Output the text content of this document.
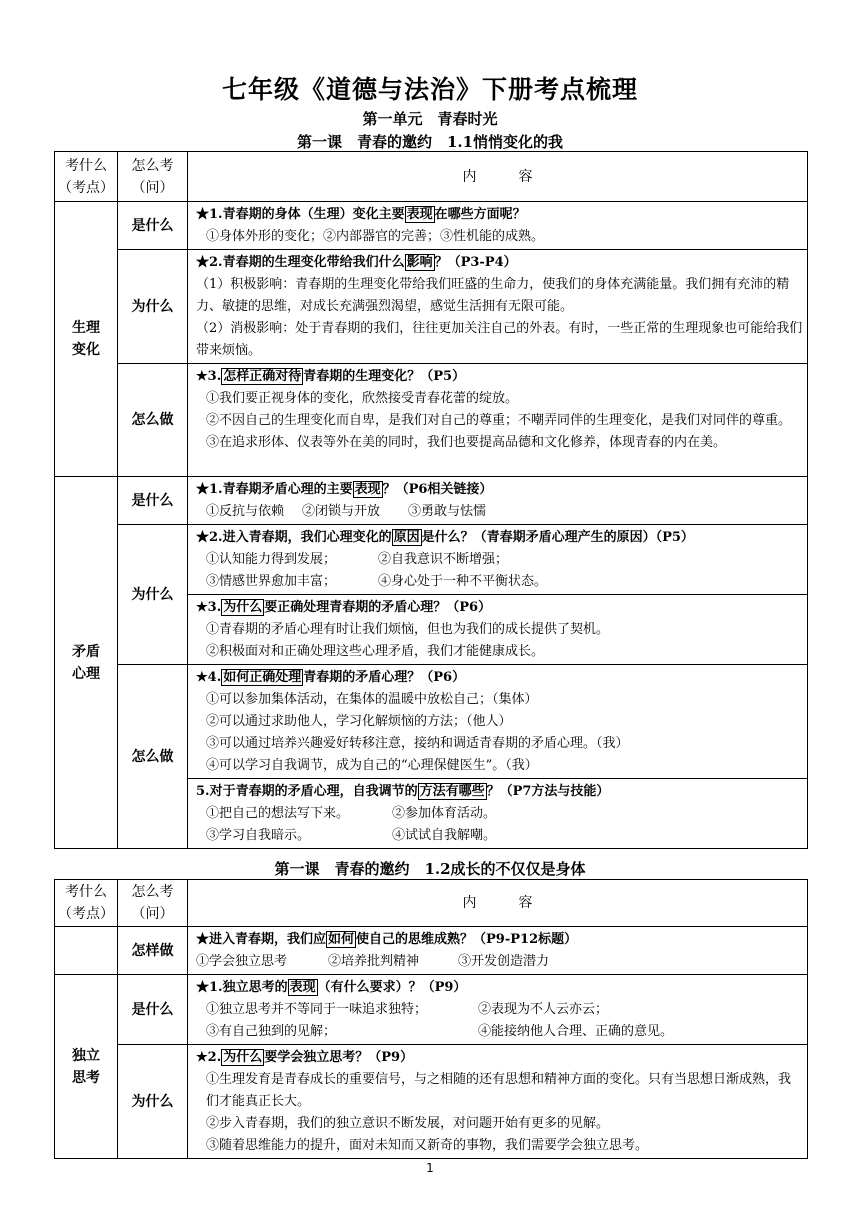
七年级《道德与法治》下册考点梳理
第一单元　青春时光
第一课　青春的邀约　1.1悄悄变化的我
考什么
（考点）	怎么考
（问）	内　　　容

生理
变化	是什么	★1.青春期的身体（生理）变化主要 表现 在哪些方面呢？
①身体外形的变化；②内部器官的完善；③性机能的成熟。

	为什么	★2.青春期的生理变化带给我们什么 影响 ？（P3-P4）
（1）积极影响：青春期的生理变化带给我们旺盛的生命力，使我们的身体充满能量。我们拥有充沛的精力、敏捷的思维，对成长充满强烈渴望，感觉生活拥有无限可能。
（2）消极影响：处于青春期的我们，往往更加关注自己的外表。有时，一些正常的生理现象也可能给我们带来烦恼。

	怎么做	★3. 怎样正确对待 青春期的生理变化？（P5）
①我们要正视身体的变化，欣然接受青春花蕾的绽放。
②不因自己的生理变化而自卑，是我们对自己的尊重；不嘲弄同伴的生理变化，是我们对同伴的尊重。
③在追求形体、仪表等外在美的同时，我们也要提高品德和文化修养，体现青春的内在美。

矛盾
心理	是什么	★1.青春期矛盾心理的主要 表现 ？（P6相关链接）
①反抗与依赖 ②闭锁与开放 ③勇敢与怯懦

	为什么	★2.进入青春期，我们心理变化的 原因 是什么？（青春期矛盾心理产生的原因）（P5）
①认知能力得到发展； ②自我意识不断增强；
③情感世界愈加丰富； ④身心处于一种不平衡状态。

		★3. 为什么 要正确处理青春期的矛盾心理？（P6）
①青春期的矛盾心理有时让我们烦恼，但也为我们的成长提供了契机。
②积极面对和正确处理这些心理矛盾，我们才能健康成长。

	怎么做	★4. 如何正确处理 青春期的矛盾心理？（P6）
①可以参加集体活动，在集体的温暖中放松自己；（集体）
②可以通过求助他人，学习化解烦恼的方法；（他人）
③可以通过培养兴趣爱好转移注意，接纳和调适青春期的矛盾心理。（我）
④可以学习自我调节，成为自己的“心理保健医生”。（我）

		5.对于青春期的矛盾心理，自我调节的 方法有哪些 ？（P7方法与技能）
①把自己的想法写下来。 ②参加体育活动。
③学习自我暗示。 ④试试自我解嘲。
第一课　青春的邀约　1.2成长的不仅仅是身体
考什么
（考点）	怎么考
（问）	内　　　容
	怎样做	★进入青春期，我们应 如何 使自己的思维成熟？（P9-P12标题）
①学会独立思考 ②培养批判精神 ③开发创造潜力

独立
思考	是什么	★1.独立思考的 表现 （有什么要求）？（P9）
①独立思考并不等同于一味追求独特； ②表现为不人云亦云；
③有自己独到的见解； ④能接纳他人合理、正确的意见。

	为什么	★2. 为什么 要学会独立思考？（P9）
①生理发育是青春成长的重要信号，与之相随的还有思想和精神方面的变化。只有当思想日渐成熟，我们才能真正长大。
②步入青春期，我们的独立意识不断发展，对问题开始有更多的见解。
③随着思维能力的提升，面对未知而又新奇的事物，我们需要学会独立思考。
1
